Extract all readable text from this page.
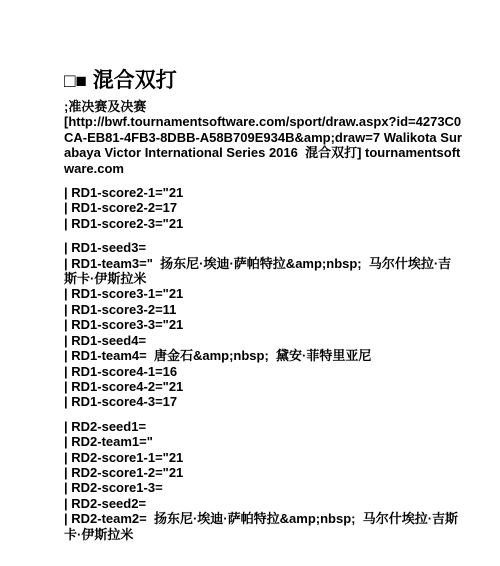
□■ 混合双打
;准决赛及决赛
[http://bwf.tournamentsoftware.com/sport/draw.aspx?id=4273C0CA-EB81-4FB3-8DBB-A58B709E934B&amp;draw=7 Walikota Surabaya Victor International Series 2016  混合双打] tournamentsoftware.com
| RD1-score2-1="21
| RD1-score2-2=17
| RD1-score2-3="21
| RD1-seed3=
| RD1-team3="  扬东尼·埃迪·萨帕特拉&amp;nbsp;  马尔什埃拉·吉斯卡·伊斯拉米
| RD1-score3-1="21
| RD1-score3-2=11
| RD1-score3-3="21
| RD1-seed4=
| RD1-team4=  唐金石&amp;nbsp;  黛安·菲特里亚尼
| RD1-score4-1=16
| RD1-score4-2="21
| RD1-score4-3=17
| RD2-seed1=
| RD2-team1="
| RD2-score1-1="21
| RD2-score1-2="21
| RD2-score1-3=
| RD2-seed2=
| RD2-team2=  扬东尼·埃迪·萨帕特拉&amp;nbsp;  马尔什埃拉·吉斯卡·伊斯拉米
